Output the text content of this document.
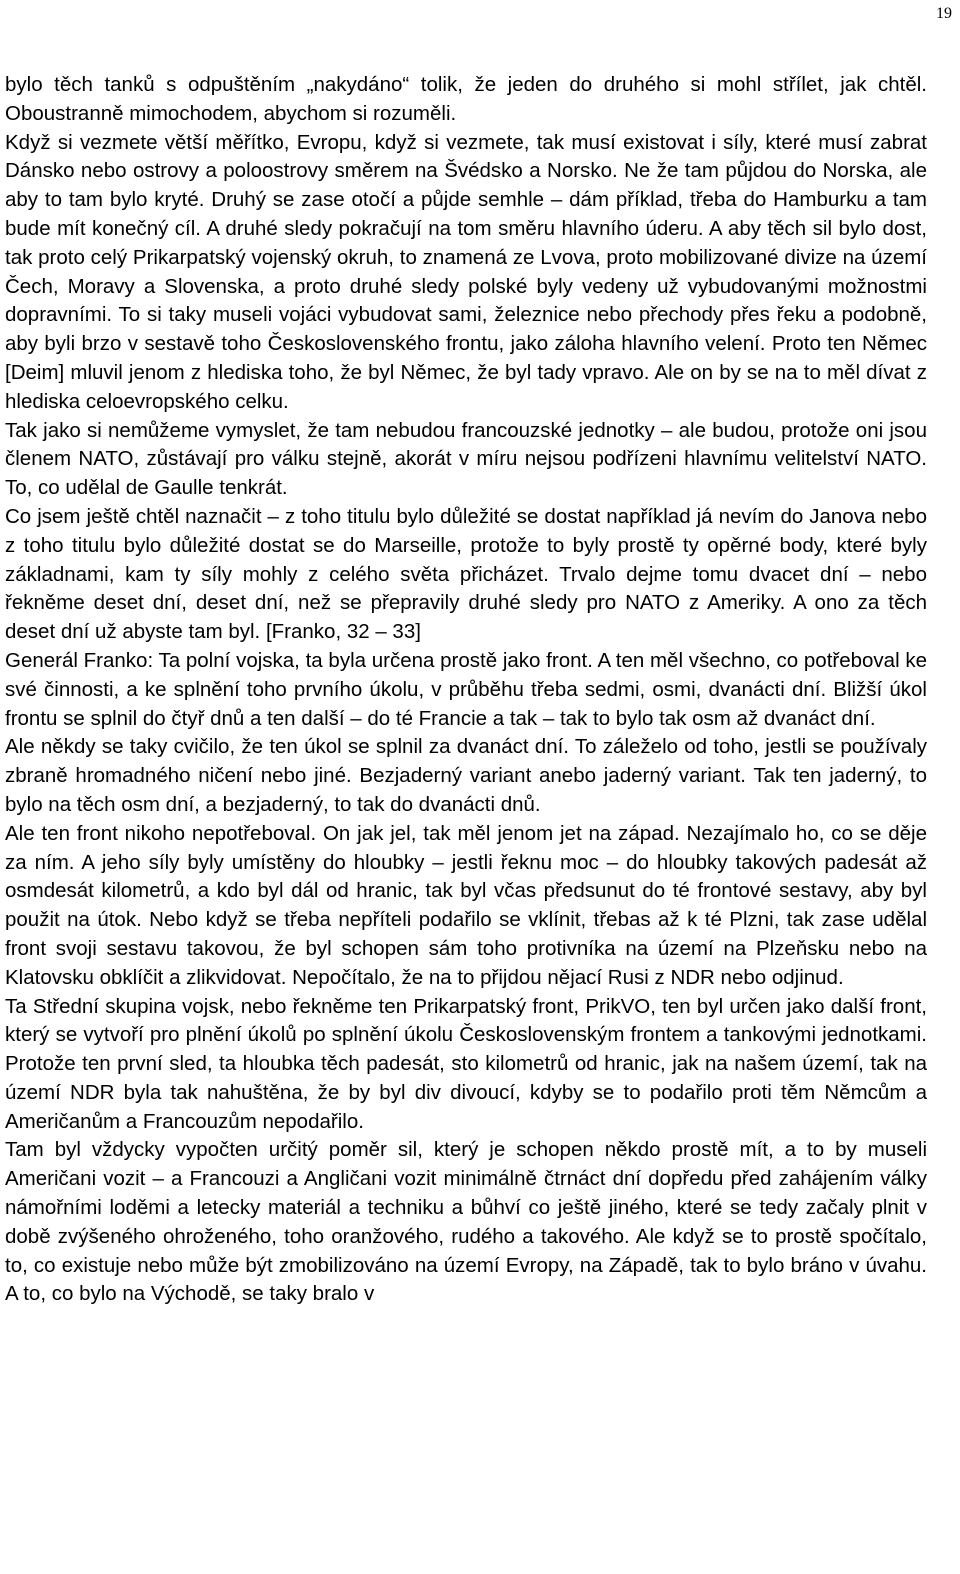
19

bylo těch tanků s odpuštěním „nakydáno“ tolik, že jeden do druhého si mohl střílet, jak chtěl. Oboustranně mimochodem, abychom si rozuměli.

Když si vezmete větší měřítko, Evropu, když si vezmete, tak musí existovat i síly, které musí zabrat Dánsko nebo ostrovy a poloostrovy směrem na Švédsko a Norsko. Ne že tam půjdou do Norska, ale aby to tam bylo kryté. Druhý se zase otočí a půjde semhle – dám příklad, třeba do Hamburku a tam bude mít konečný cíl. A druhé sledy pokračují na tom směru hlavního úderu. A aby těch sil bylo dost, tak proto celý Prikarpatský vojenský okruh, to znamená ze Lvova, proto mobilizované divize na území Čech, Moravy a Slovenska, a proto druhé sledy polské byly vedeny už vybudovanými možnostmi dopravními. To si taky museli vojáci vybudovat sami, železnice nebo přechody přes řeku a podobně, aby byli brzo v sestavě toho Československého frontu, jako záloha hlavního velení. Proto ten Němec [Deim] mluvil jenom z hlediska toho, že byl Němec, že byl tady vpravo. Ale on by se na to měl dívat z hlediska celoevropského celku.

Tak jako si nemůžeme vymyslet, že tam nebudou francouzské jednotky – ale budou, protože oni jsou členem NATO, zůstávají pro válku stejně, akorát v míru nejsou podřízeni hlavnímu velitelství NATO. To, co udělal de Gaulle tenkrát.

Co jsem ještě chtěl naznačit – z toho titulu bylo důležité se dostat například já nevím do Janova nebo z toho titulu bylo důležité dostat se do Marseille, protože to byly prostě ty opěrné body, které byly základnami, kam ty síly mohly z celého světa přicházet. Trvalo dejme tomu dvacet dní – nebo řekněme deset dní, deset dní, než se přepravily druhé sledy pro NATO z Ameriky. A ono za těch deset dní už abyste tam byl. [Franko, 32 – 33]

Generál Franko: Ta polní vojska, ta byla určena prostě jako front. A ten měl všechno, co potřeboval ke své činnosti, a ke splnění toho prvního úkolu, v průběhu třeba sedmi, osmi, dvanácti dní. Bližší úkol frontu se splnil do čtyř dnů a ten další – do té Francie a tak – tak to bylo tak osm až dvanáct dní.

Ale někdy se taky cvičilo, že ten úkol se splnil za dvanáct dní. To záleželo od toho, jestli se používaly zbraně hromadného ničení nebo jiné. Bezjaderný variant anebo jaderný variant. Tak ten jaderný, to bylo na těch osm dní, a bezjaderný, to tak do dvanácti dnů.

Ale ten front nikoho nepotřeboval. On jak jel, tak měl jenom jet na západ. Nezajímalo ho, co se děje za ním. A jeho síly byly umístěny do hloubky – jestli řeknu moc – do hloubky takových padesát až osmdesát kilometrů, a kdo byl dál od hranic, tak byl včas předsunut do té frontové sestavy, aby byl použit na útok. Nebo když se třeba nepříteli podařilo se vklínit, třebas až k té Plzni, tak zase udělal front svoji sestavu takovou, že byl schopen sám toho protivníka na území na Plzeňsku nebo na Klatovsku obklíčit a zlikvidovat. Nepočítalo, že na to přijdou nějací Rusi z NDR nebo odjinud.

Ta Střední skupina vojsk, nebo řekněme ten Prikarpatský front, PrikVO, ten byl určen jako další front, který se vytvoří pro plnění úkolů po splnění úkolu Československým frontem a tankovými jednotkami. Protože ten první sled, ta hloubka těch padesát, sto kilometrů od hranic, jak na našem území, tak na území NDR byla tak nahuštěna, že by byl div divoucí, kdyby se to podařilo proti těm Němcům a Američanům a Francouzům nepodařilo.

Tam byl vždycky vypočten určitý poměr sil, který je schopen někdo prostě mít, a to by museli Američani vozit – a Francouzi a Angličani vozit minimálně čtrnáct dní dopředu před zahájením války námořními loděmi a letecky materiál a techniku a bůhví co ještě jiného, které se tedy začaly plnit v době zvýšeného ohroženého, toho oranžového, rudého a takového. Ale když se to prostě spočítalo, to, co existuje nebo může být zmobilizováno na území Evropy, na Západě, tak to bylo bráno v úvahu. A to, co bylo na Východě, se taky bralo v
